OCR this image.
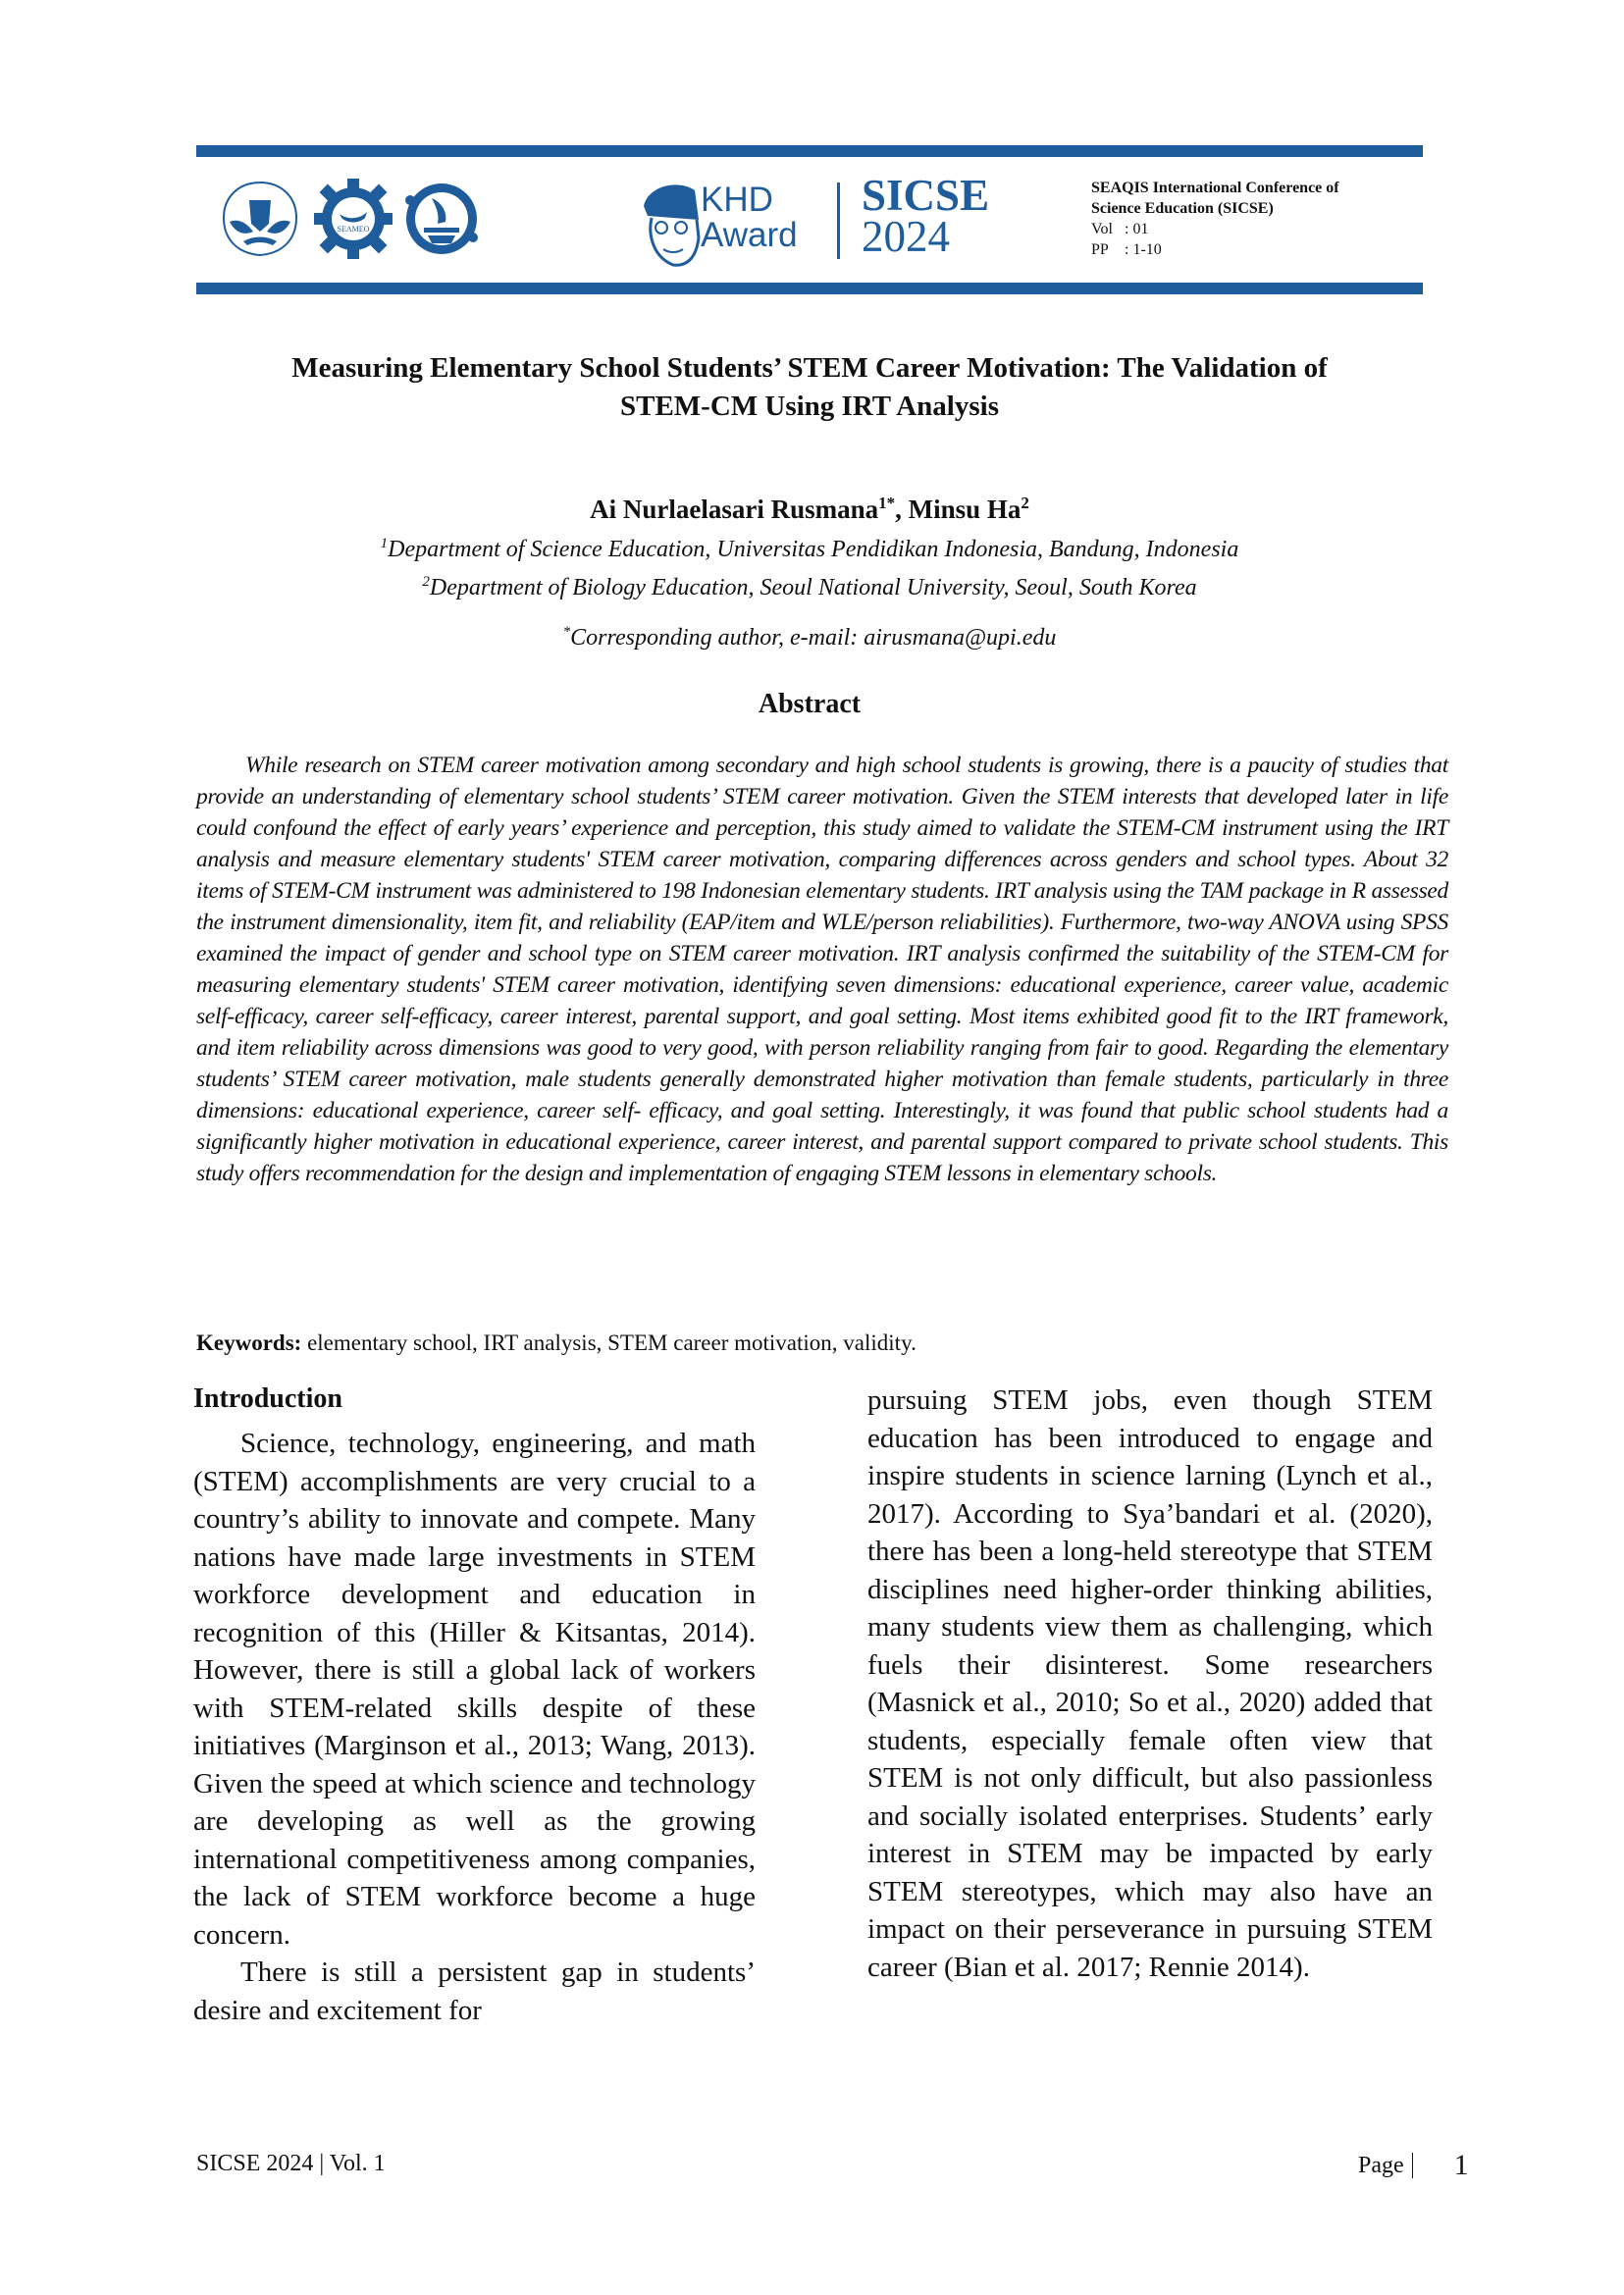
SEAMEO
KHD
Award
SICSE
2024
SEAQIS International Conference of
Science Education (SICSE)
Vol : 01
PP	: 1-10
Measuring Elementary School Students’ STEM Career Motivation: The Validation of
STEM-CM Using IRT Analysis
Ai Nurlaelasari Rusmana$^{1*}$, Minsu Ha$^2$
$^1$Department of Science Education, Universitas Pendidikan Indonesia, Bandung, Indonesia
$^2$Department of Biology Education, Seoul National University, Seoul, South Korea
*Corresponding author, e-mail: airusmana@upi.edu
Abstract

While research on STEM career motivation among secondary and high school students is growing, there is a paucity of studies that provide an understanding of elementary school students’ STEM career motivation. Given the STEM interests that developed later in life could confound the effect of early years’ experience and perception, this study aimed to validate the STEM-CM instrument using the IRT analysis and measure elementary students' STEM career motivation, comparing differences across genders and school types. About 32 items of STEM-CM instrument was administered to 198 Indonesian elementary students. IRT analysis using the TAM package in R assessed the instrument dimensionality, item fit, and reliability (EAP/item and WLE/person reliabilities). Furthermore, two-way ANOVA using SPSS examined the impact of gender and school type on STEM career motivation. IRT analysis confirmed the suitability of the STEM-CM for measuring elementary students' STEM career motivation, identifying seven dimensions: educational experience, career value, academic self-efficacy, career self-efficacy, career interest, parental support, and goal setting. Most items exhibited good fit to the IRT framework, and item reliability across dimensions was good to very good, with person reliability ranging from fair to good. Regarding the elementary students’ STEM career motivation, male students generally demonstrated higher motivation than female students, particularly in three dimensions: educational experience, career self- efficacy, and goal setting. Interestingly, it was found that public school students had a significantly higher motivation in educational experience, career interest, and parental support compared to private school students. This study offers recommendation for the design and implementation of engaging STEM lessons in elementary schools.

Keywords: elementary school, IRT analysis, STEM career motivation, validity.
Introduction

Science, technology, engineering, and math (STEM) accomplishments are very crucial to a country’s ability to innovate and compete. Many nations have made large investments in STEM workforce development and education in recognition of this (Hiller & Kitsantas, 2014). However, there is still a global lack of workers with STEM-related skills despite of these initiatives (Marginson et al., 2013; Wang, 2013). Given the speed at which science and technology are developing as well as the growing international competitiveness among companies, the lack of STEM workforce become a huge concern.

There is still a persistent gap in students’ desire and excitement for

pursuing STEM jobs, even though STEM education has been introduced to engage and inspire students in science larning (Lynch et al., 2017). According to Sya’bandari et al. (2020), there has been a long-held stereotype that STEM disciplines need higher-order thinking abilities, many students view them as challenging, which fuels their disinterest. Some researchers (Masnick et al., 2010; So et al., 2020) added that students, especially female often view that STEM is not only difficult, but also passionless and socially isolated enterprises. Students’ early interest in STEM may be impacted by early STEM stereotypes, which may also have an impact on their perseverance in pursuing STEM career (Bian et al. 2017; Rennie 2014).

SICSE 2024 | Vol. 1	Page 1
